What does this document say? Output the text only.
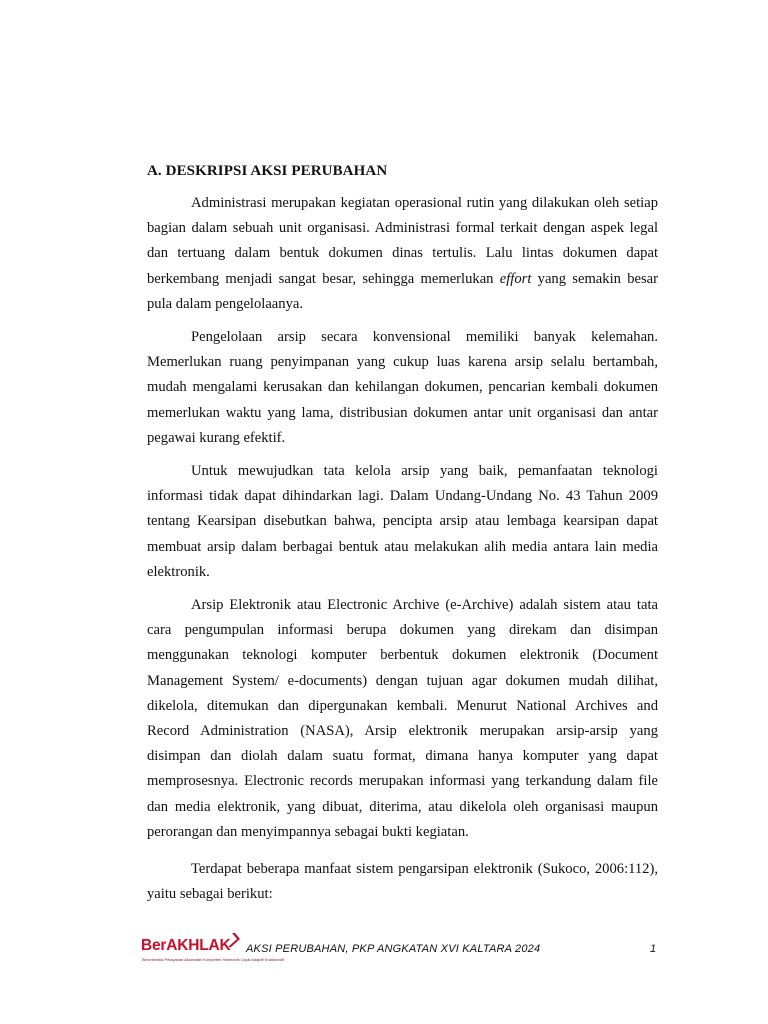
A. DESKRIPSI AKSI PERUBAHAN

Administrasi merupakan kegiatan operasional rutin yang dilakukan oleh setiap bagian dalam sebuah unit organisasi. Administrasi formal terkait dengan aspek legal dan tertuang dalam bentuk dokumen dinas tertulis. Lalu lintas dokumen dapat berkembang menjadi sangat besar, sehingga memerlukan effort yang semakin besar pula dalam pengelolaanya.

Pengelolaan arsip secara konvensional memiliki banyak kelemahan. Memerlukan ruang penyimpanan yang cukup luas karena arsip selalu bertambah, mudah mengalami kerusakan dan kehilangan dokumen, pencarian kembali dokumen memerlukan waktu yang lama, distribusian dokumen antar unit organisasi dan antar pegawai kurang efektif.

Untuk mewujudkan tata kelola arsip yang baik, pemanfaatan teknologi informasi tidak dapat dihindarkan lagi. Dalam Undang-Undang No. 43 Tahun 2009 tentang Kearsipan disebutkan bahwa, pencipta arsip atau lembaga kearsipan dapat membuat arsip dalam berbagai bentuk atau melakukan alih media antara lain media elektronik.

Arsip Elektronik atau Electronic Archive (e-Archive) adalah sistem atau tata cara pengumpulan informasi berupa dokumen yang direkam dan disimpan menggunakan teknologi komputer berbentuk dokumen elektronik (Document Management System/ e-documents) dengan tujuan agar dokumen mudah dilihat, dikelola, ditemukan dan dipergunakan kembali. Menurut National Archives and Record Administration (NASA), Arsip elektronik merupakan arsip-arsip yang disimpan dan diolah dalam suatu format, dimana hanya komputer yang dapat memprosesnya. Electronic records merupakan informasi yang terkandung dalam file dan media elektronik, yang dibuat, diterima, atau dikelola oleh organisasi maupun perorangan dan menyimpannya sebagai bukti kegiatan.

Terdapat beberapa manfaat sistem pengarsipan elektronik (Sukoco, 2006:112), yaitu sebagai berikut:

BerAKHLAK
Berorientasi Pelayanan Akuntabel Kompeten Harmonis Loyal Adaptif Kolaboratif
AKSI PERUBAHAN, PKP ANGKATAN XVI KALTARA 2024	1
